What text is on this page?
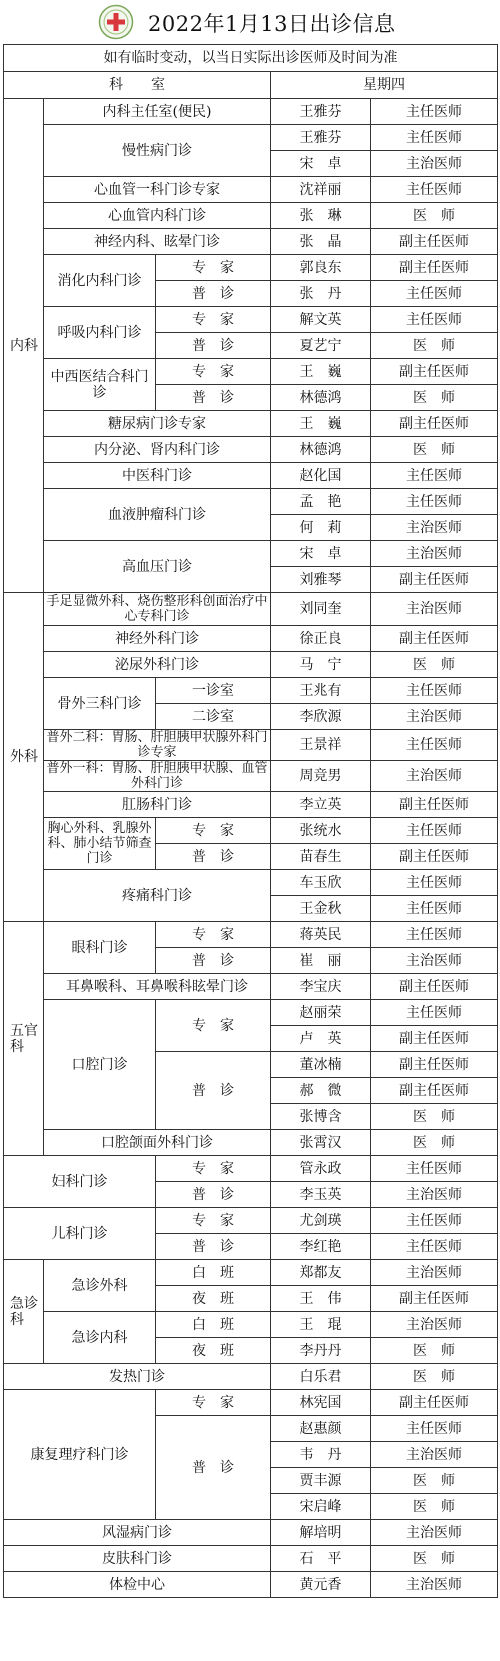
2022年1月13日出诊信息
如有临时变动，以当日实际出诊医师及时间为准				
科　　室			星期四	
内科	内科主任室(便民)		王雅芬	主任医师
	慢性病门诊		王雅芬	主任医师
			宋　卓	主治医师
	心血管一科门诊专家		沈祥丽	主任医师
	心血管内科门诊		张　琳	医　师
	神经内科、眩晕门诊		张　晶	副主任医师
	消化内科门诊	专　家	郭良东	副主任医师
		普　诊	张　丹	主任医师
	呼吸内科门诊	专　家	解文英	主任医师
		普　诊	夏艺宁	医　师
	中西医结合科门诊	专　家	王　巍	副主任医师
		普　诊	林德鸿	医　师
	糖尿病门诊专家		王　巍	副主任医师
	内分泌、肾内科门诊		林德鸿	医　师
	中医科门诊		赵化国	主任医师
	血液肿瘤科门诊		孟　艳	主任医师
			何　莉	主治医师
	高血压门诊		宋　卓	主治医师
			刘雅琴	副主任医师
外科	手足显微外科、烧伤整形科创面治疗中心专科门诊		刘同奎	主治医师
	神经外科门诊		徐正良	副主任医师
	泌尿外科门诊		马　宁	医　师
	骨外三科门诊	一诊室	王兆有	主任医师
		二诊室	李欣源	主治医师
	普外二科：胃肠、肝胆胰甲状腺外科门诊专家		王景祥	主任医师
	普外一科：胃肠、肝胆胰甲状腺、血管外科门诊		周竞男	主治医师
	肛肠科门诊		李立英	副主任医师
	胸心外科、乳腺外科、肺小结节筛查门诊	专　家	张统水	主任医师
		普　诊	苗春生	副主任医师
	疼痛科门诊		车玉欣	主任医师
			王金秋	主任医师
五官科	眼科门诊	专　家	蒋英民	主任医师
		普　诊	崔　丽	主治医师
	耳鼻喉科、耳鼻喉科眩晕门诊		李宝庆	副主任医师
	口腔门诊	专　家	赵丽荣	主任医师
			卢　英	副主任医师
		普　诊	董冰楠	副主任医师
			郝　微	副主任医师
			张博含	医　师
	口腔颌面外科门诊		张霄汉	医　师
妇科门诊		专　家	管永政	主任医师
		普　诊	李玉英	主治医师
儿科门诊		专　家	尤剑瑛	主任医师
		普　诊	李红艳	主任医师
急诊科	急诊外科	白　班	郑都友	主治医师
		夜　班	王　伟	副主任医师
	急诊内科	白　班	王　琨	主治医师
		夜　班	李丹丹	医　师
发热门诊			白乐君	医　师
康复理疗科门诊		专　家	林宪国	副主任医师
		普　诊	赵惠颜	主任医师
			韦　丹	主治医师
			贾丰源	医　师
			宋启峰	医　师
风湿病门诊			解培明	主治医师
皮肤科门诊			石　平	医　师
体检中心			黄元香	主治医师
